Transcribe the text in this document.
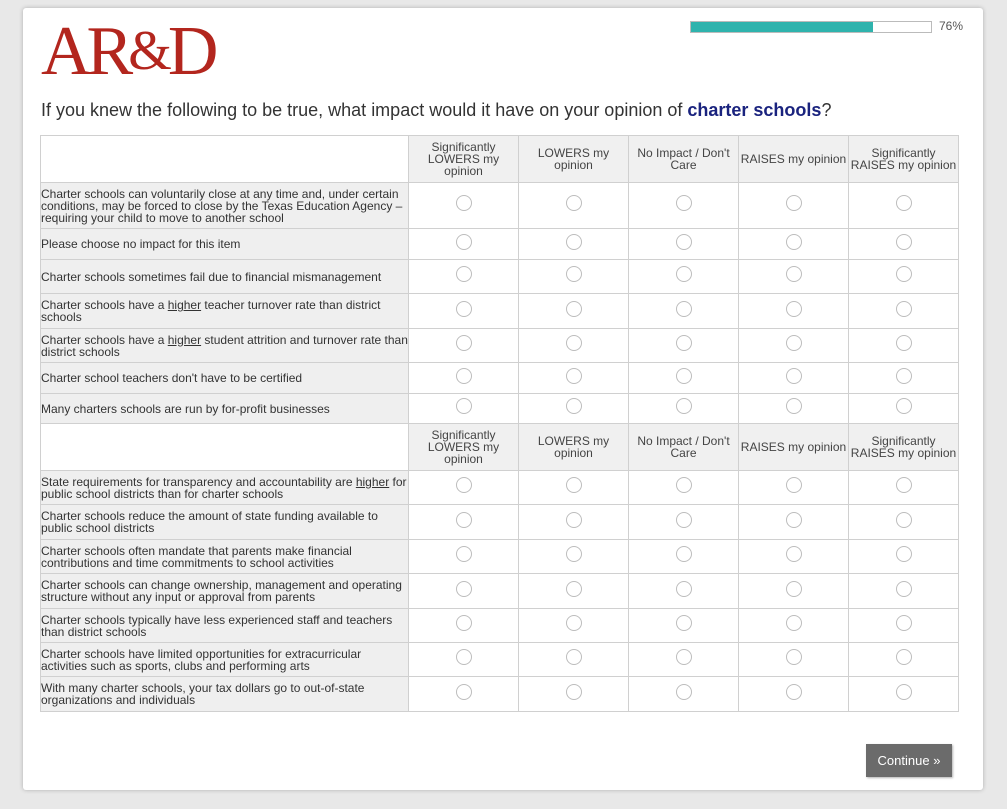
AR&D	76%
If you knew the following to be true, what impact would it have on your opinion of charter schools?
	Significantly LOWERS my opinion	LOWERS my opinion	No Impact / Don't Care	RAISES my opinion	Significantly RAISES my opinion
Charter schools can voluntarily close at any time and, under certain conditions, may be forced to close by the Texas Education Agency – requiring your child to move to another school					
Please choose no impact for this item					
Charter schools sometimes fail due to financial mismanagement					
Charter schools have a higher teacher turnover rate than district schools					
Charter schools have a higher student attrition and turnover rate than district schools					
Charter school teachers don't have to be certified					
Many charters schools are run by for-profit businesses					
	Significantly LOWERS my opinion	LOWERS my opinion	No Impact / Don't Care	RAISES my opinion	Significantly RAISES my opinion
State requirements for transparency and accountability are higher for public school districts than for charter schools					
Charter schools reduce the amount of state funding available to public school districts					
Charter schools often mandate that parents make financial contributions and time commitments to school activities					
Charter schools can change ownership, management and operating structure without any input or approval from parents					
Charter schools typically have less experienced staff and teachers than district schools					
Charter schools have limited opportunities for extracurricular activities such as sports, clubs and performing arts					
With many charter schools, your tax dollars go to out-of-state organizations and individuals					
Continue »
